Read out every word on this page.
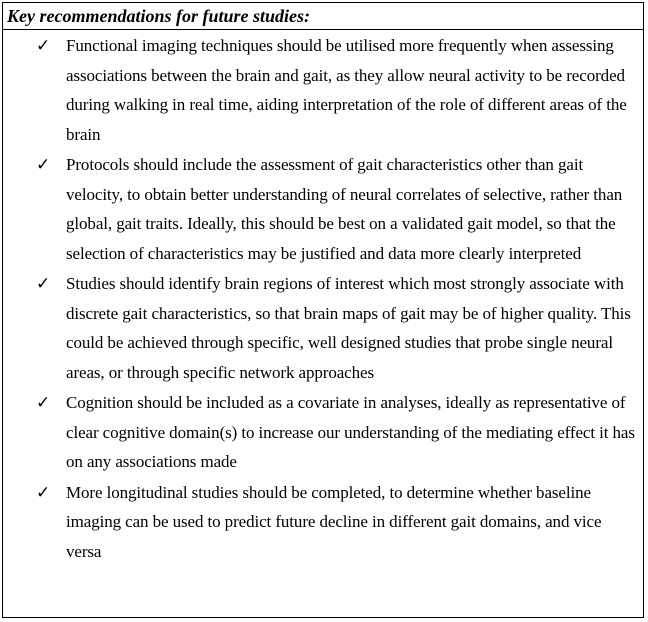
Key recommendations for future studies:
✓ Functional imaging techniques should be utilised more frequently when assessing associations between the brain and gait, as they allow neural activity to be recorded during walking in real time, aiding interpretation of the role of different areas of the brain
✓ Protocols should include the assessment of gait characteristics other than gait velocity, to obtain better understanding of neural correlates of selective, rather than global, gait traits. Ideally, this should be best on a validated gait model, so that the selection of characteristics may be justified and data more clearly interpreted
✓ Studies should identify brain regions of interest which most strongly associate with discrete gait characteristics, so that brain maps of gait may be of higher quality. This could be achieved through specific, well designed studies that probe single neural areas, or through specific network approaches
✓ Cognition should be included as a covariate in analyses, ideally as representative of clear cognitive domain(s) to increase our understanding of the mediating effect it has on any associations made
✓ More longitudinal studies should be completed, to determine whether baseline imaging can be used to predict future decline in different gait domains, and vice versa
